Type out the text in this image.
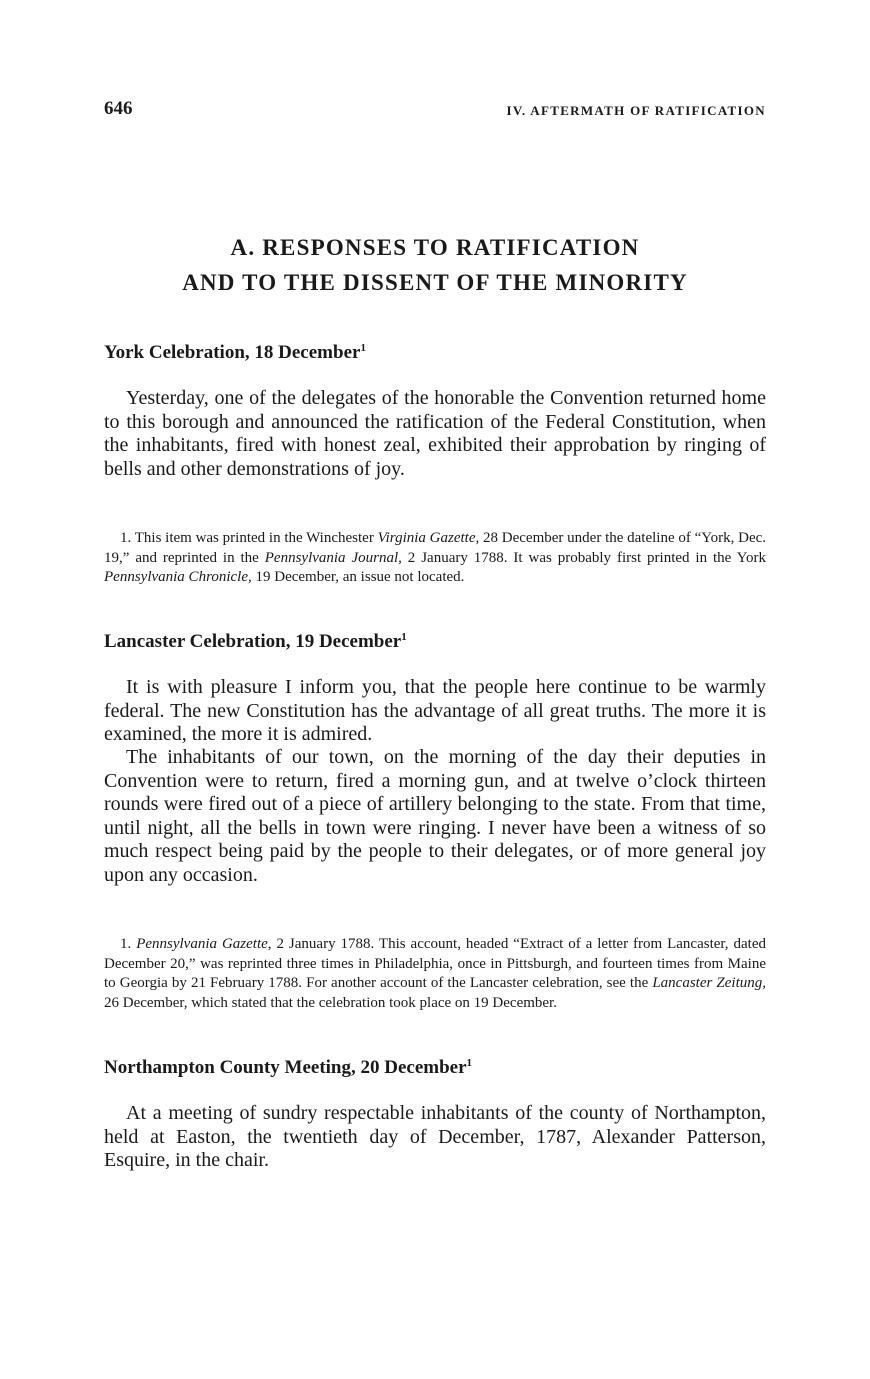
646	IV. AFTERMATH OF RATIFICATION
A. RESPONSES TO RATIFICATION
AND TO THE DISSENT OF THE MINORITY
York Celebration, 18 December$^1$

Yesterday, one of the delegates of the honorable the Convention returned home to this borough and announced the ratification of the Federal Constitution, when the inhabitants, fired with honest zeal, exhibited their approbation by ringing of bells and other demonstrations of joy.

1. This item was printed in the Winchester Virginia Gazette, 28 December under the dateline of “York, Dec. 19,” and reprinted in the Pennsylvania Journal, 2 January 1788. It was probably first printed in the York Pennsylvania Chronicle, 19 December, an issue not located.

Lancaster Celebration, 19 December$^1$

It is with pleasure I inform you, that the people here continue to be warmly federal. The new Constitution has the advantage of all great truths. The more it is examined, the more it is admired.

The inhabitants of our town, on the morning of the day their deputies in Convention were to return, fired a morning gun, and at twelve o’clock thirteen rounds were fired out of a piece of artillery belonging to the state. From that time, until night, all the bells in town were ringing. I never have been a witness of so much respect being paid by the people to their delegates, or of more general joy upon any occasion.

1. Pennsylvania Gazette, 2 January 1788. This account, headed “Extract of a letter from Lancaster, dated December 20,” was reprinted three times in Philadelphia, once in Pittsburgh, and fourteen times from Maine to Georgia by 21 February 1788. For another account of the Lancaster celebration, see the Lancaster Zeitung, 26 December, which stated that the celebration took place on 19 December.

Northampton County Meeting, 20 December$^1$

At a meeting of sundry respectable inhabitants of the county of Northampton, held at Easton, the twentieth day of December, 1787, Alexander Patterson, Esquire, in the chair.
